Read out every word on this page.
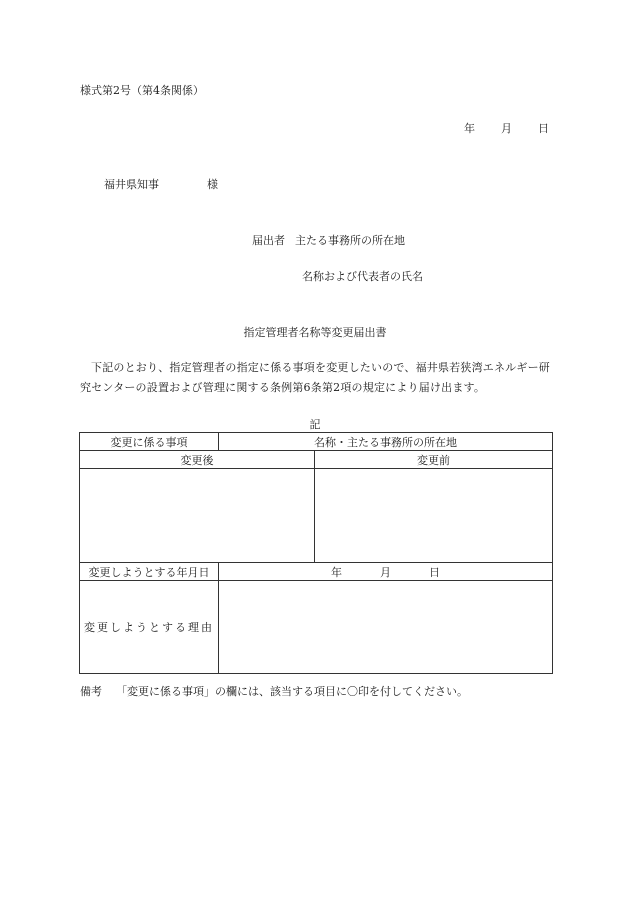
様式第2号（第4条関係）
年 月 日
福井県知事	様
届出者 主たる事務所の所在地
名称および代表者の氏名
指定管理者名称等変更届出書
下記のとおり、指定管理者の指定に係る事項を変更したいので、福井県若狭湾エネルギー研究センターの設置および管理に関する条例第6条第2項の規定により届け出ます。
記
変更に係る事項	名称・主たる事務所の所在地	
変更後		変更前

変更しようとする年月日	年 月 日	
変更しようとする理由		
備考 「変更に係る事項」の欄には、該当する項目に〇印を付してください。
